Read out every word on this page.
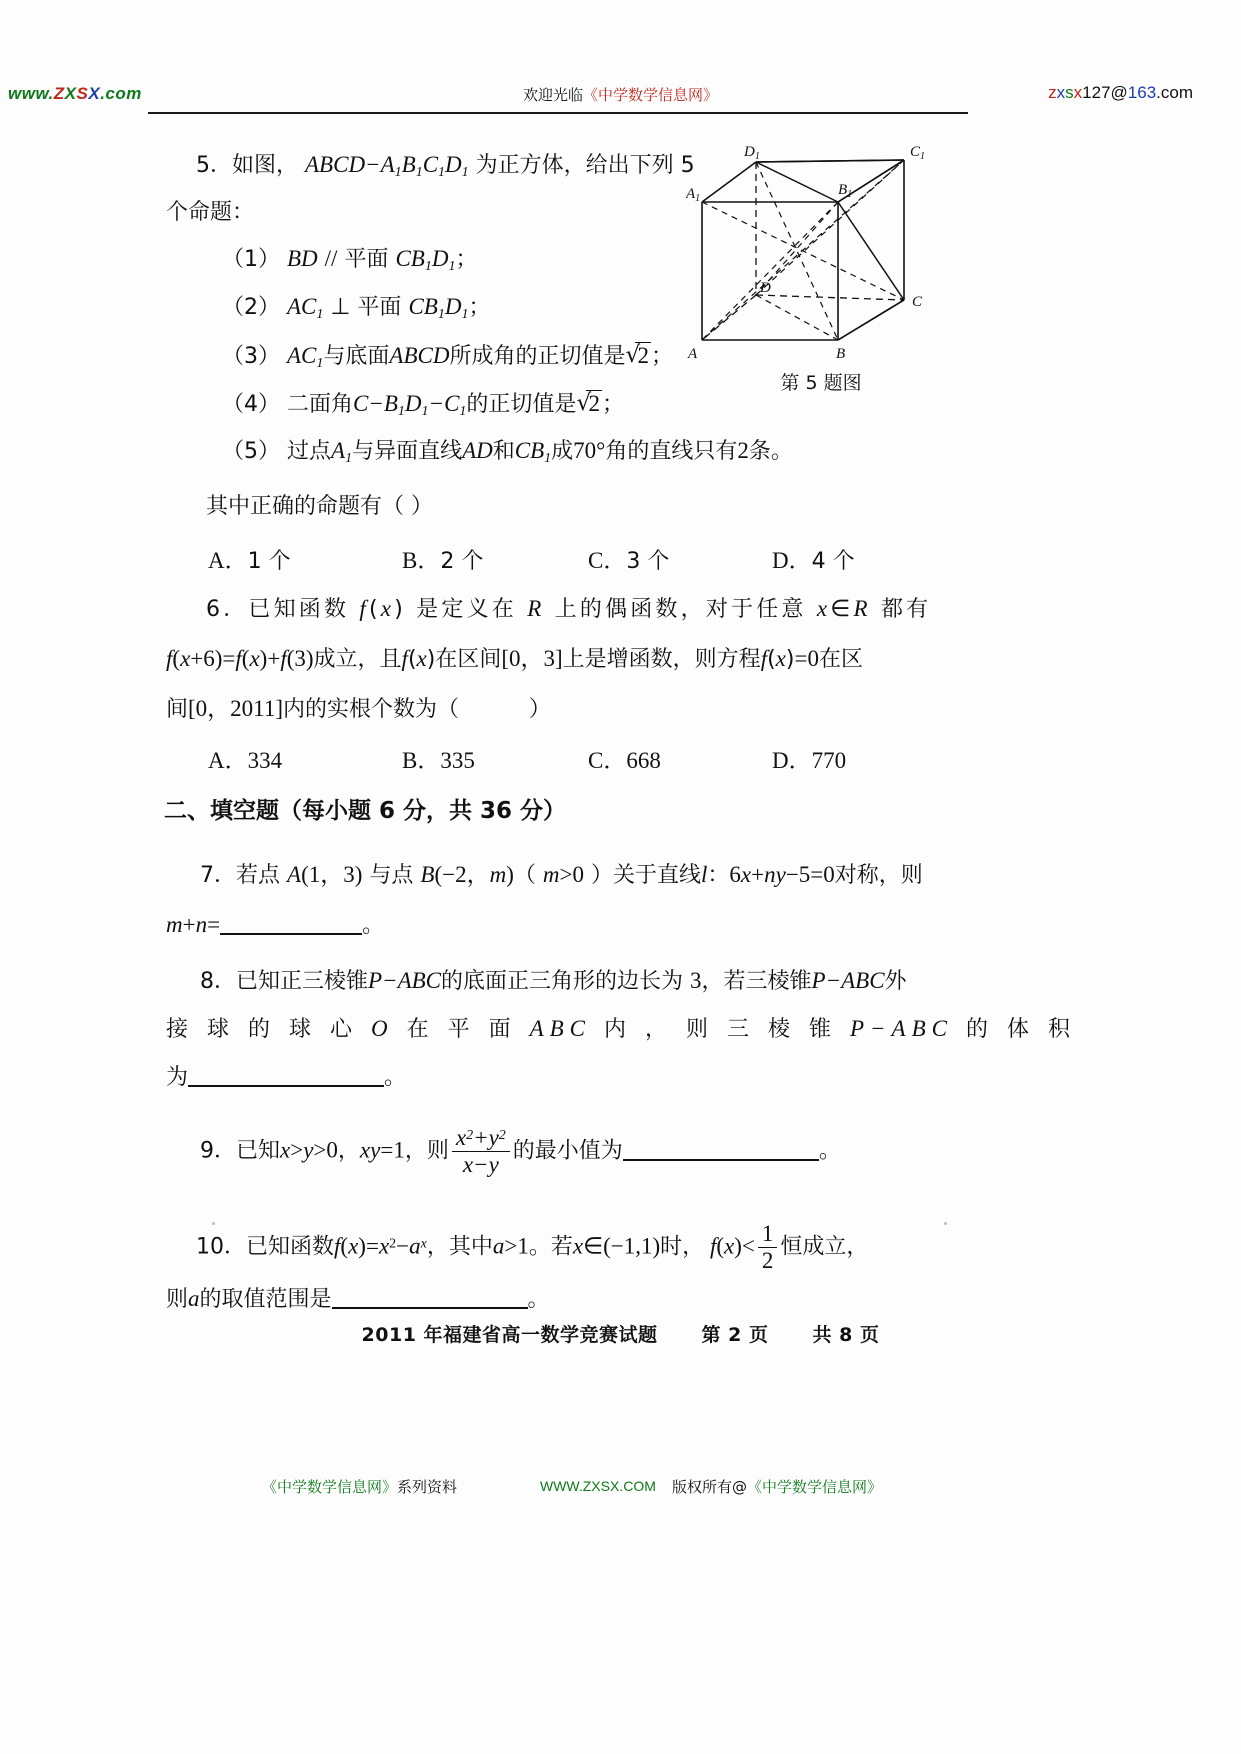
www.ZXSX.com	欢迎光临《中学数学信息网》	zxsx127@163.com
5．如图， $ABCD-A_1B_1C_1D_1$ 为正方体，给出下列 5
个命题：
（1） BD // 平面 $CB_1D_1$；
（2） $AC_1$ ⊥ 平面 $CB_1D_1$；
（3） $AC_1$与底面ABCD所成角的正切值是 √ 2；
（4） 二面角$C-B_1D_1-C_1$的正切值是 √ 2；
（5） 过点$A_1$与异面直线AD和$CB_1$成70°角的直线只有2条。
其中正确的命题有（ ）
A．1 个	B．2 个	C．3 个	D．4 个
$D_1$	$C_1$
$B_1$
$A_1$
D
C
A	B
第 5 题图
6．已知函数 f(x) 是定义在 R 上的偶函数，对于任意 x∈R 都有
f(x+6)=f(x)+f(3)成立，且f(x)在区间[0，3]上是增函数，则方程f(x)=0在区
间[0，2011]内的实根个数为（          ）
A．334	B．335	C．668	D．770
二、填空题（每小题 6 分，共 36 分）
7．若点 A(1，3) 与点 B(−2，m)（ m>0 ）关于直线l：6x+ny−5=0对称，则
m+n=	。
8．已知正三棱锥P−ABC的底面正三角形的边长为 3，若三棱锥P−ABC外
接 球 的 球 心 O 在 平 面 ABC 内 ， 则 三 棱 锥 P−ABC 的 体 积
为	。
9．已知x>y>0，xy=1，则 $\frac{x^2+y^2}{x-y}$ 的最小值为	。
10．已知函数$f(x)=x^2-a^x$，其中a>1。若x∈(−1,1)时， $f(x)< \frac{1}{2}$ 恒成立，
则a的取值范围是	。
2011 年福建省高一数学竞赛试题 第 2 页 共 8 页
《中学数学信息网》系列资料	WWW.ZXSX.COM 版权所有@《中学数学信息网》
